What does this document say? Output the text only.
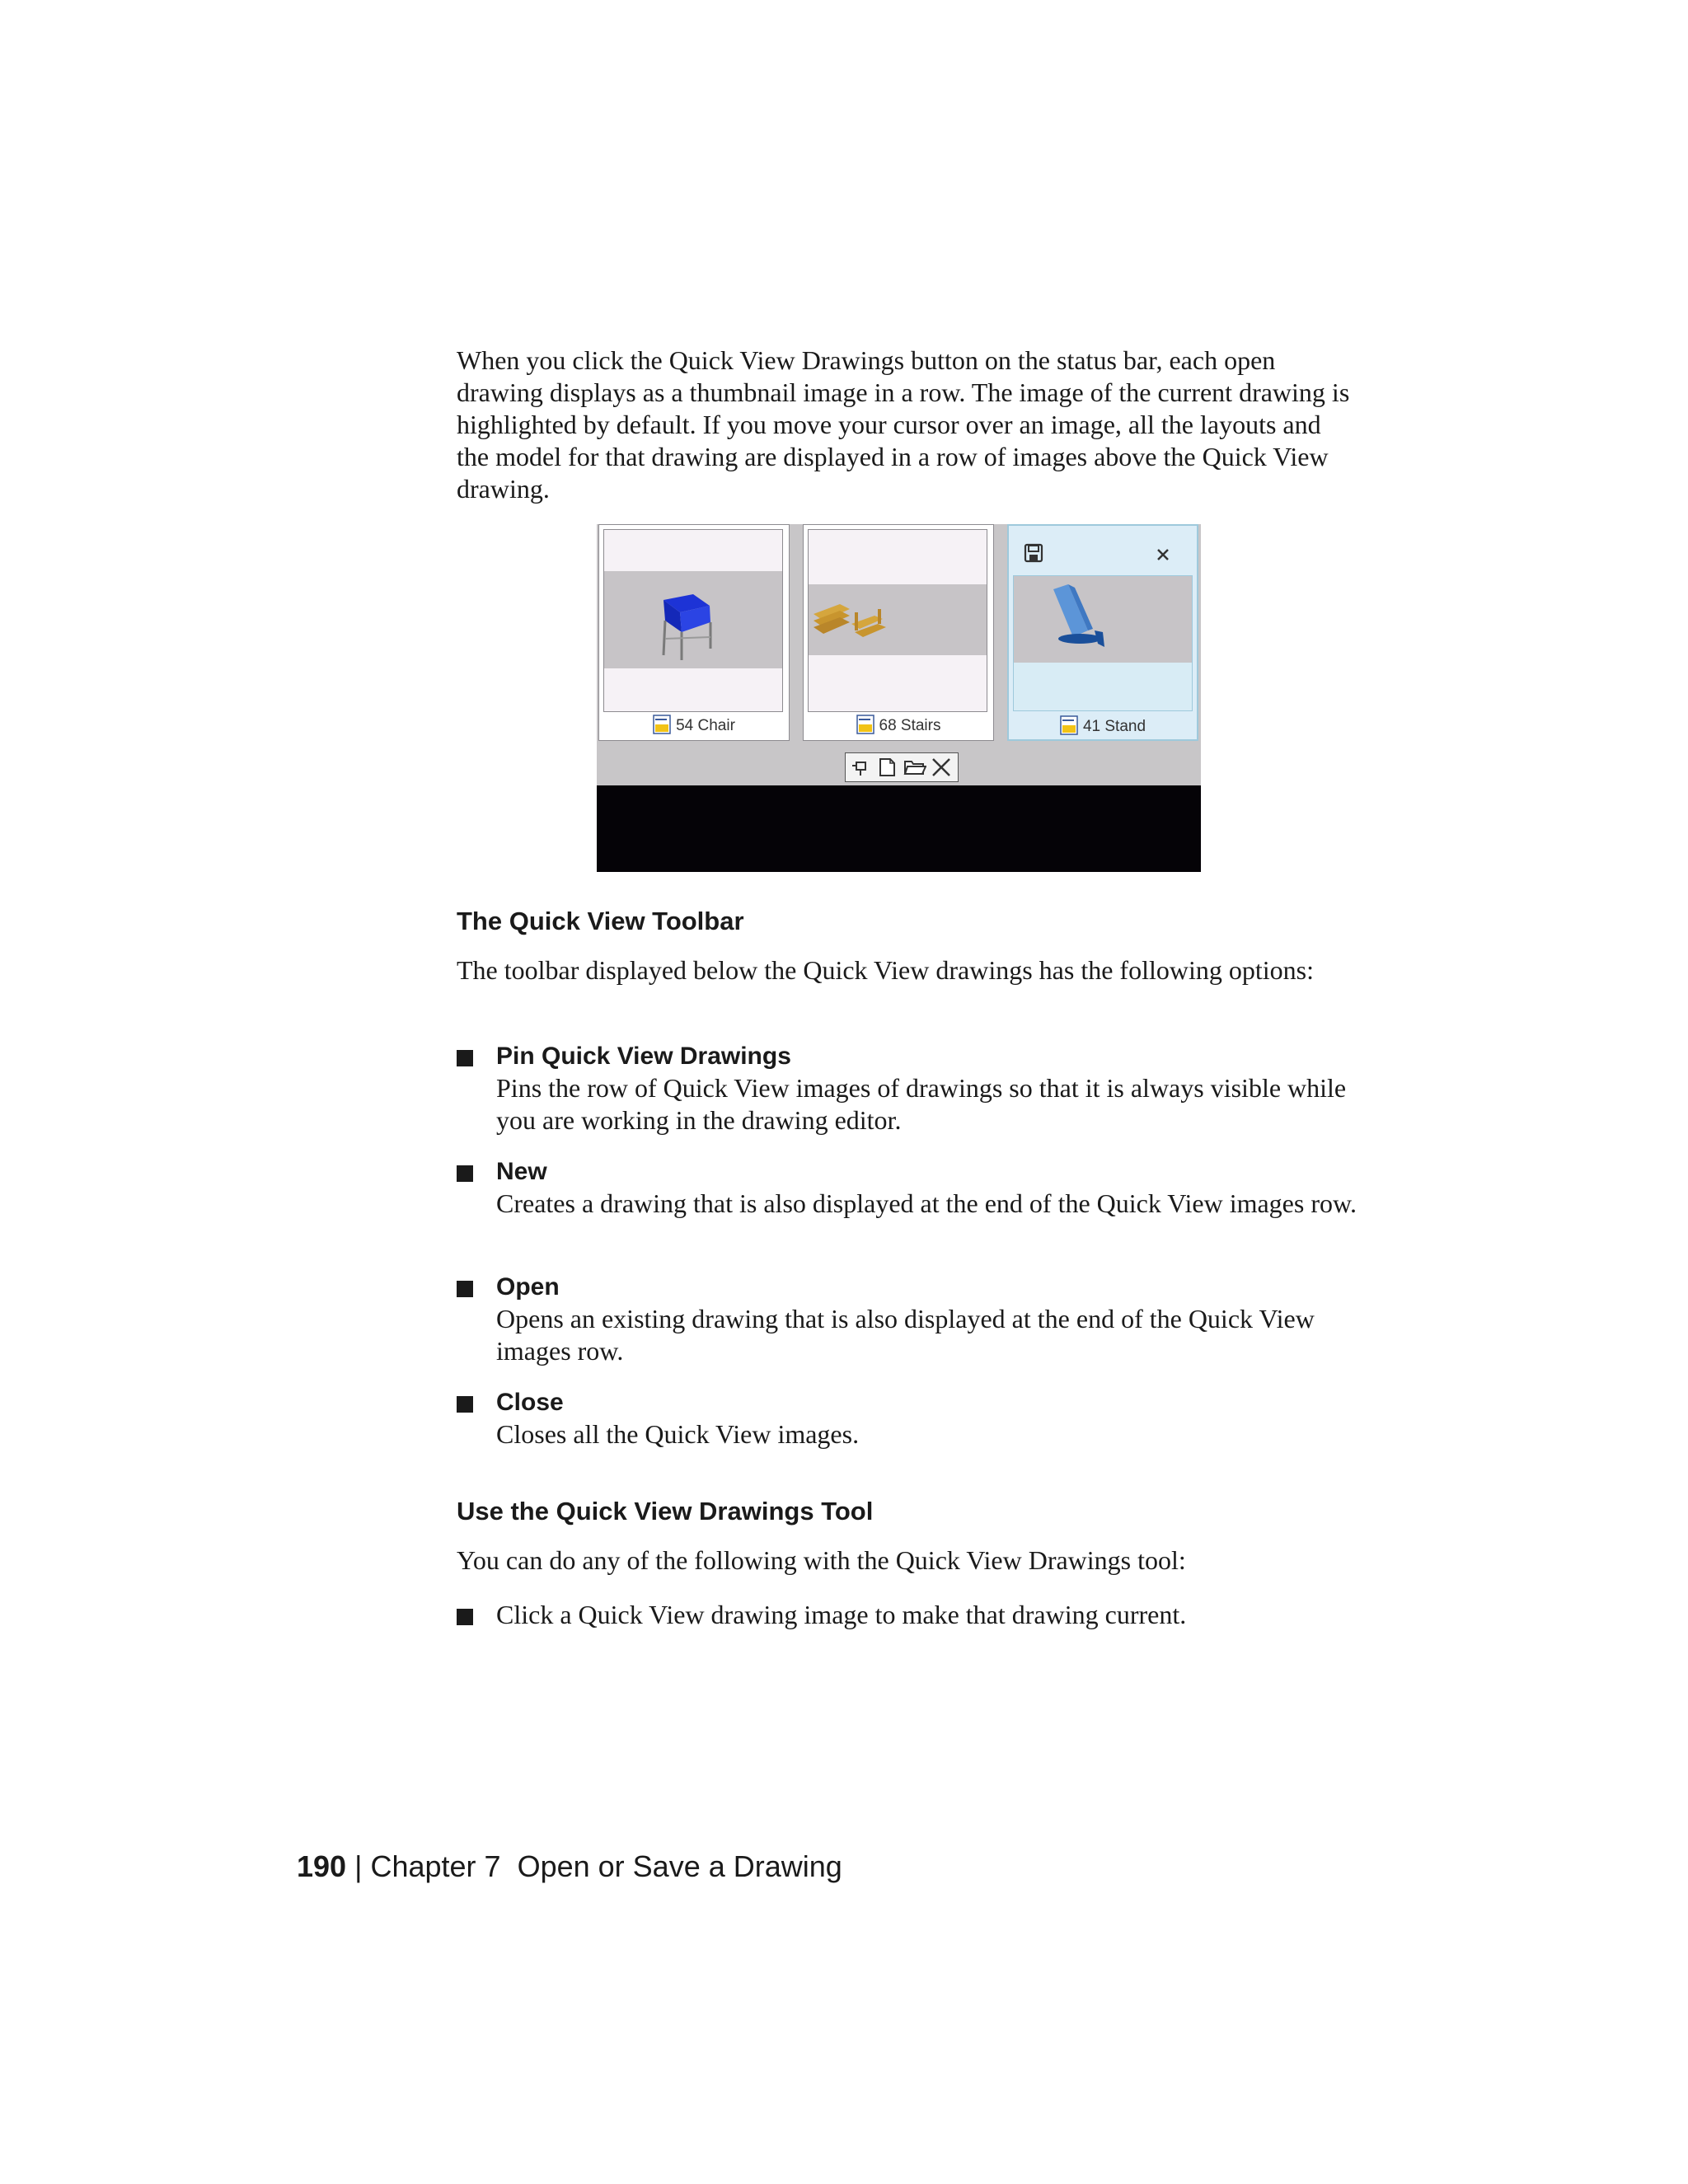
When you click the Quick View Drawings button on the status bar, each open drawing displays as a thumbnail image in a row. The image of the current drawing is highlighted by default. If you move your cursor over an image, all the layouts and the model for that drawing are displayed in a row of images above the Quick View drawing.

54 Chair	68 Stairs	41 Stand
The Quick View Toolbar

The toolbar displayed below the Quick View drawings has the following options:

Pin Quick View Drawings
Pins the row of Quick View images of drawings so that it is always visible while you are working in the drawing editor.
New
Creates a drawing that is also displayed at the end of the Quick View images row.
Open
Opens an existing drawing that is also displayed at the end of the Quick View images row.
Close
Closes all the Quick View images.
Use the Quick View Drawings Tool

You can do any of the following with the Quick View Drawings tool:

Click a Quick View drawing image to make that drawing current.
190 | Chapter 7 Open or Save a Drawing
